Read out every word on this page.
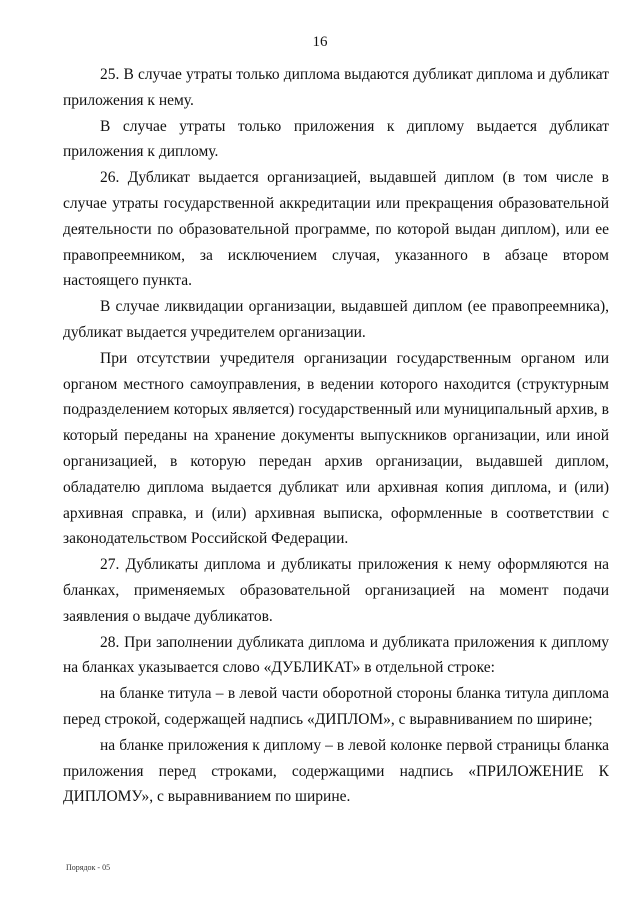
16

25. В случае утраты только диплома выдаются дубликат диплома и дубликат приложения к нему.

В случае утраты только приложения к диплому выдается дубликат приложения к диплому.

26. Дубликат выдается организацией, выдавшей диплом (в том числе в случае утраты государственной аккредитации или прекращения образовательной деятельности по образовательной программе, по которой выдан диплом), или ее правопреемником, за исключением случая, указанного в абзаце втором настоящего пункта.

В случае ликвидации организации, выдавшей диплом (ее правопреемника), дубликат выдается учредителем организации.

При отсутствии учредителя организации государственным органом или органом местного самоуправления, в ведении которого находится (структурным подразделением которых является) государственный или муниципальный архив, в который переданы на хранение документы выпускников организации, или иной организацией, в которую передан архив организации, выдавшей диплом, обладателю диплома выдается дубликат или архивная копия диплома, и (или) архивная справка, и (или) архивная выписка, оформленные в соответствии с законодательством Российской Федерации.

27. Дубликаты диплома и дубликаты приложения к нему оформляются на бланках, применяемых образовательной организацией на момент подачи заявления о выдаче дубликатов.

28. При заполнении дубликата диплома и дубликата приложения к диплому на бланках указывается слово «ДУБЛИКАТ» в отдельной строке:

на бланке титула – в левой части оборотной стороны бланка титула диплома перед строкой, содержащей надпись «ДИПЛОМ», с выравниванием по ширине;

на бланке приложения к диплому – в левой колонке первой страницы бланка приложения перед строками, содержащими надпись «ПРИЛОЖЕНИЕ К ДИПЛОМУ», с выравниванием по ширине.

Порядок - 05
